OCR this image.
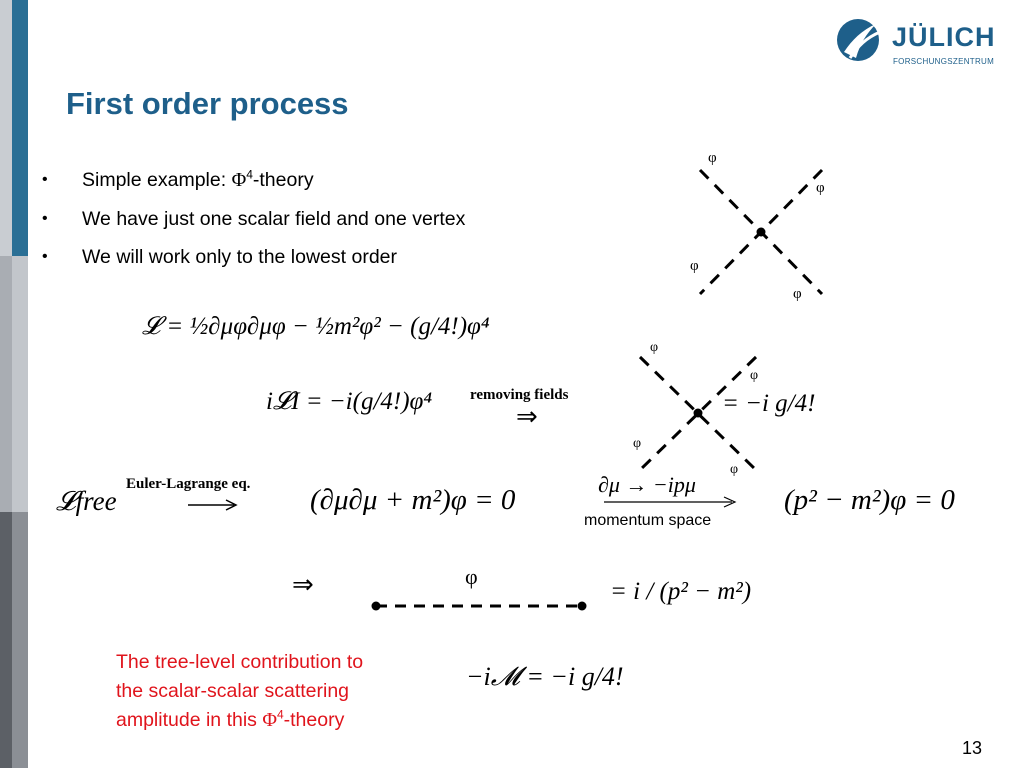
JÜLICH
FORSCHUNGSZENTRUM
First order process
• Simple example: $\Phi^4$-theory
• We have just one scalar field and one vertex
• We will work only to the lowest order
φ
φ
φ
φ
φ
φ
φ
φ
φ
𝓛 = ½∂μφ∂μφ − ½m²φ² − (g/4!)φ⁴
i𝓛I = −i(g/4!)φ⁴	removing fields
⇒	= −i g/4!
𝓛free
Euler-Lagrange eq. (∂μ∂μ + m²)φ = 0	∂μ → −ipμ
momentum space
(p² − m²)φ = 0
⇒	= i / (p² − m²)
−i𝓜 = −i g/4!
The tree-level contribution to
the scalar-scalar scattering
amplitude in this $\Phi^4$-theory
13
